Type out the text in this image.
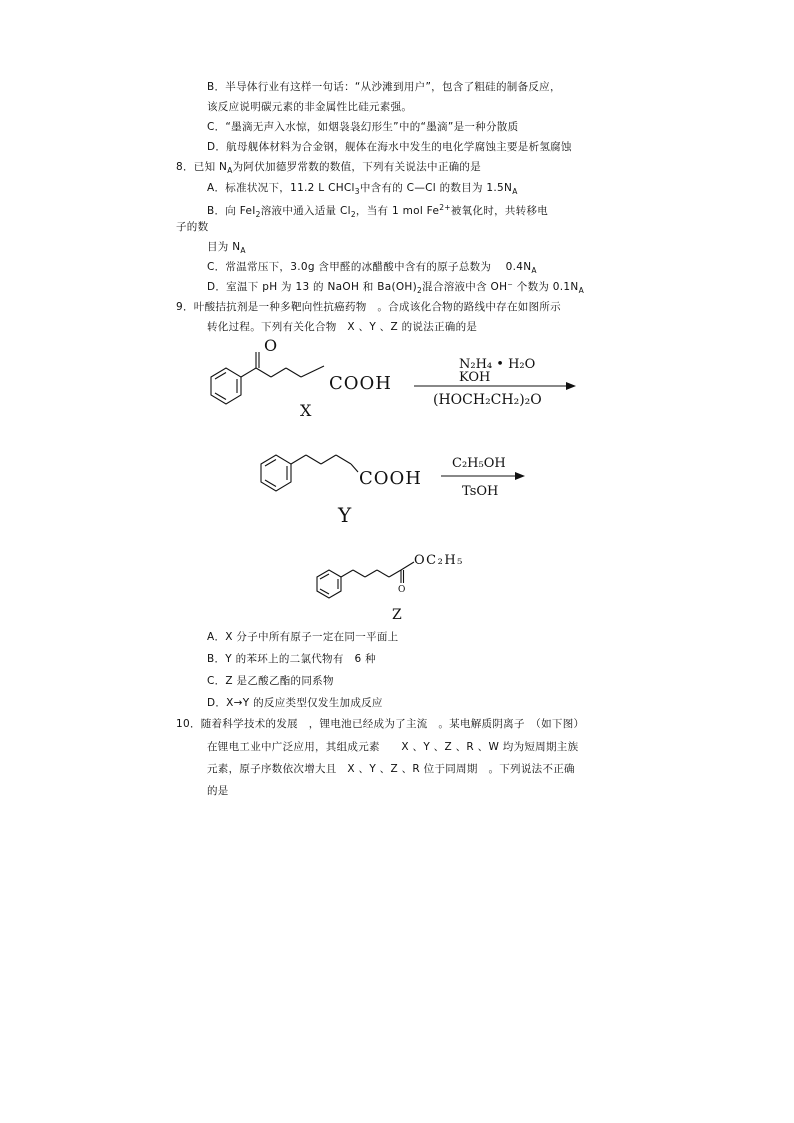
B．半导体行业有这样一句话：“从沙滩到用户”，包含了粗硅的制备反应，
该反应说明碳元素的非金属性比硅元素强。
C．“墨滴无声入水惊，如烟袅袅幻形生”中的“墨滴”是一种分散质
D．航母舰体材料为合金钢，舰体在海水中发生的电化学腐蚀主要是析氢腐蚀
8．已知 $N_A$为阿伏加德罗常数的数值，下列有关说法中正确的是
A．标准状况下，11.2 L CHCl$_3$中含有的 C—Cl 的数目为 $1.5N_A$
B．向 FeI$_2$溶液中通入适量 $Cl_2$，当有 1 mol $Fe^{2+}$被氧化时，共转移电
子的数
目为 $N_A$
C．常温常压下，3.0g 含甲醛的冰醋酸中含有的原子总数为　 $0.4N_A$
D．室温下 pH 为 13 的 NaOH 和 $Ba(OH)_2$混合溶液中含 OH⁻ 个数为 $0.1N_A$
9．叶酸拮抗剂是一种多靶向性抗癌药物　。合成该化合物的路线中存在如图所示
转化过程。下列有关化合物　X 、Y 、Z 的说法正确的是
O
COOH
X
N₂H₄ • H₂O
KOH
(HOCH₂CH₂)₂O
COOH
Y
C₂H₅OH
TsOH
OC₂H₅
O
Z
A．X 分子中所有原子一定在同一平面上
B．Y 的苯环上的二氯代物有　6 种
C．Z 是乙酸乙酯的同系物
D．X→Y 的反应类型仅发生加成反应
10．随着科学技术的发展　，锂电池已经成为了主流　。某电解质阴离子　（如下图）
在锂电工业中广泛应用，其组成元素　　X 、Y 、Z 、R 、W 均为短周期主族
元素，原子序数依次增大且　X 、Y 、Z 、R 位于同周期　。下列说法不正确
的是
